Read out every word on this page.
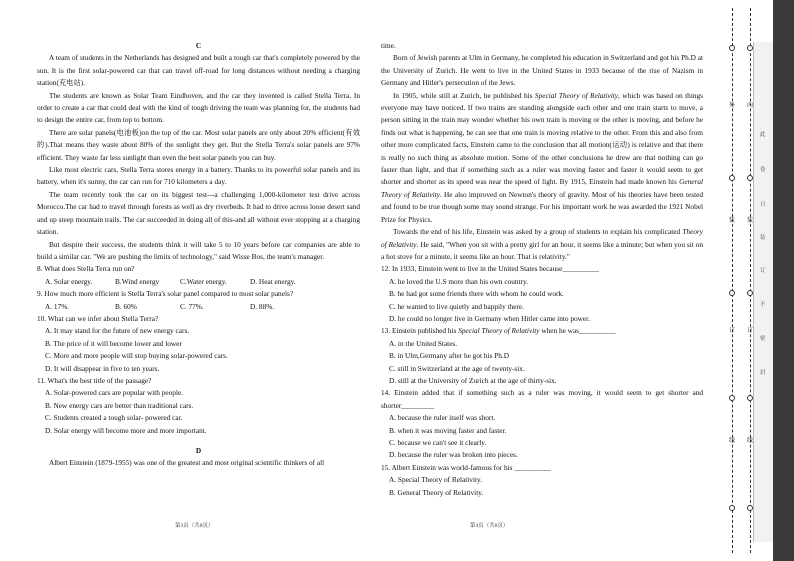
C

A team of students in the Netherlands has designed and built a tough car that's completely powered by the sun. It is the first solar-powered car that can travel off-road for long distances without needing a charging station(充电站).

The students are known as Solar Team Eindhoven, and the car they invented is called Stella Terra. In order to create a car that could deal with the kind of tough driving the team was planning for, the students had to design the entire car, from top to bottom.

There are solar panels(电池板)on the top of the car. Most solar panels are only about 20% efficient(有效的).That means they waste about 80% of the sunlight they get. But the Stella Terra's solar panels are 97% efficient. They waste far less sunlight than even the best solar panels you can buy.

Like most electric cars, Stella Terra stores energy in a battery. Thanks to its powerful solar panels and its battery, when it's sunny, the car can run for 710 kilometers a day.

The team recently took the car on its biggest test---a challenging 1,000-kilometer test drive across Morocco.The car had to travel through forests as well as dry riverbeds. It had to drive across loose desert sand and up steep mountain trails. The car succeeded in doing all of this-and all without ever stopping at a charging station.

But despite their success, the students think it will take 5 to 10 years before car companies are able to build a similar car. "We are pushing the limits of technology," said Wisse Bos, the team's manager.

8. What does Stella Terra run on?

A. Solar energy.	B.Wind energy	C.Water energy.	D. Heat energy.

9. How much more efficient is Stella Terra's solar panel compared to most solar panels?

A. 17%.	B. 60%	C. 77%.	D. 88%.

10. What can we infer about Stella Terra?

A. It may stand for the future of new energy cars.

B. The price of it will become lower and lower

C. More and more people will stop buying solar-powered cars.

D. It will disappear in five to ten years.

11. What's the best title of the passage?

A. Solar-powered cars are popular with people.

B. New energy cars are better than traditional cars.

C. Students created a tough solar- powered car.

D. Solar energy will become more and more important.

D

Albert Einstein (1879-1955) was one of the greatest and most original scientific thinkers of all

第3页（共8页）

time.

Born of Jewish parents at Ulm in Germany, he completed his education in Switzerland and got his Ph.D at the University of Zurich. He went to live in the United States in 1933 because of the rise of Nazism in Germany and Hitler's persecution of the Jews.

In 1905, while still at Zurich, he published his Special Theory of Relativity, which was based on things everyone may have noticed. If two trains are standing alongside each other and one train starts to move, a person sitting in the train may wonder whether his own train is moving or the other is moving, and before he finds out what is happening, he can see that one train is moving relative to the other. From this and also from other more complicated facts, Einstein came to the conclusion that all motion(运动) is relative and that there is really no such thing as absolute motion. Some of the other conclusions he drew are that nothing can go faster than light, and that if something such as a ruler was moving faster and faster it would seem to get shorter and shorter as its speed was near the speed of light. By 1915, Einstein had made known his General Theory of Relativity. He also improved on Newton's theory of gravity. Most of his theories have been tested and found to be true though some may sound strange. For his important work he was awarded the 1921 Nobel Prize for Physics.

Towards the end of his life, Einstein was asked by a group of students to explain his complicated Theory of Relativity. He said, "When you sit with a pretty girl for an hour, it seems like a minute; but when you sit on a hot stove for a minute, it seems like an hour. That is relativity."

12. In 1933, Einstein went to live in the United States because__________

A. he loved the U.S more than his own country.

B. he had got some friends there with whom he could work.

C. he wanted to live quietly and happily there.

D. he could no longer live in Germany when Hitler came into power.

13. Einstein published his Special Theory of Relativity when he was__________

A. in the United States.

B. in Ulm,Germany after he got his Ph.D

C. still in Switzerland at the age of twenty-six.

D. still at the University of Zurich at the age of thirty-six.

14. Einstein added that if something such as a ruler was moving, it would seem to get shorter and shorter_________

A. because the ruler itself was short.

B. when it was moving faster and faster.

C. because we can't see it clearly.

D. because the ruler was broken into pieces.

15. Albert Einstein was world-famous for his __________

A. Special Theory of Relativity.

B. General Theory of Relativity.

第4页（共8页）
外
装
订
线
内
装
订
线
此
卷
只
装
订
不
密
封
